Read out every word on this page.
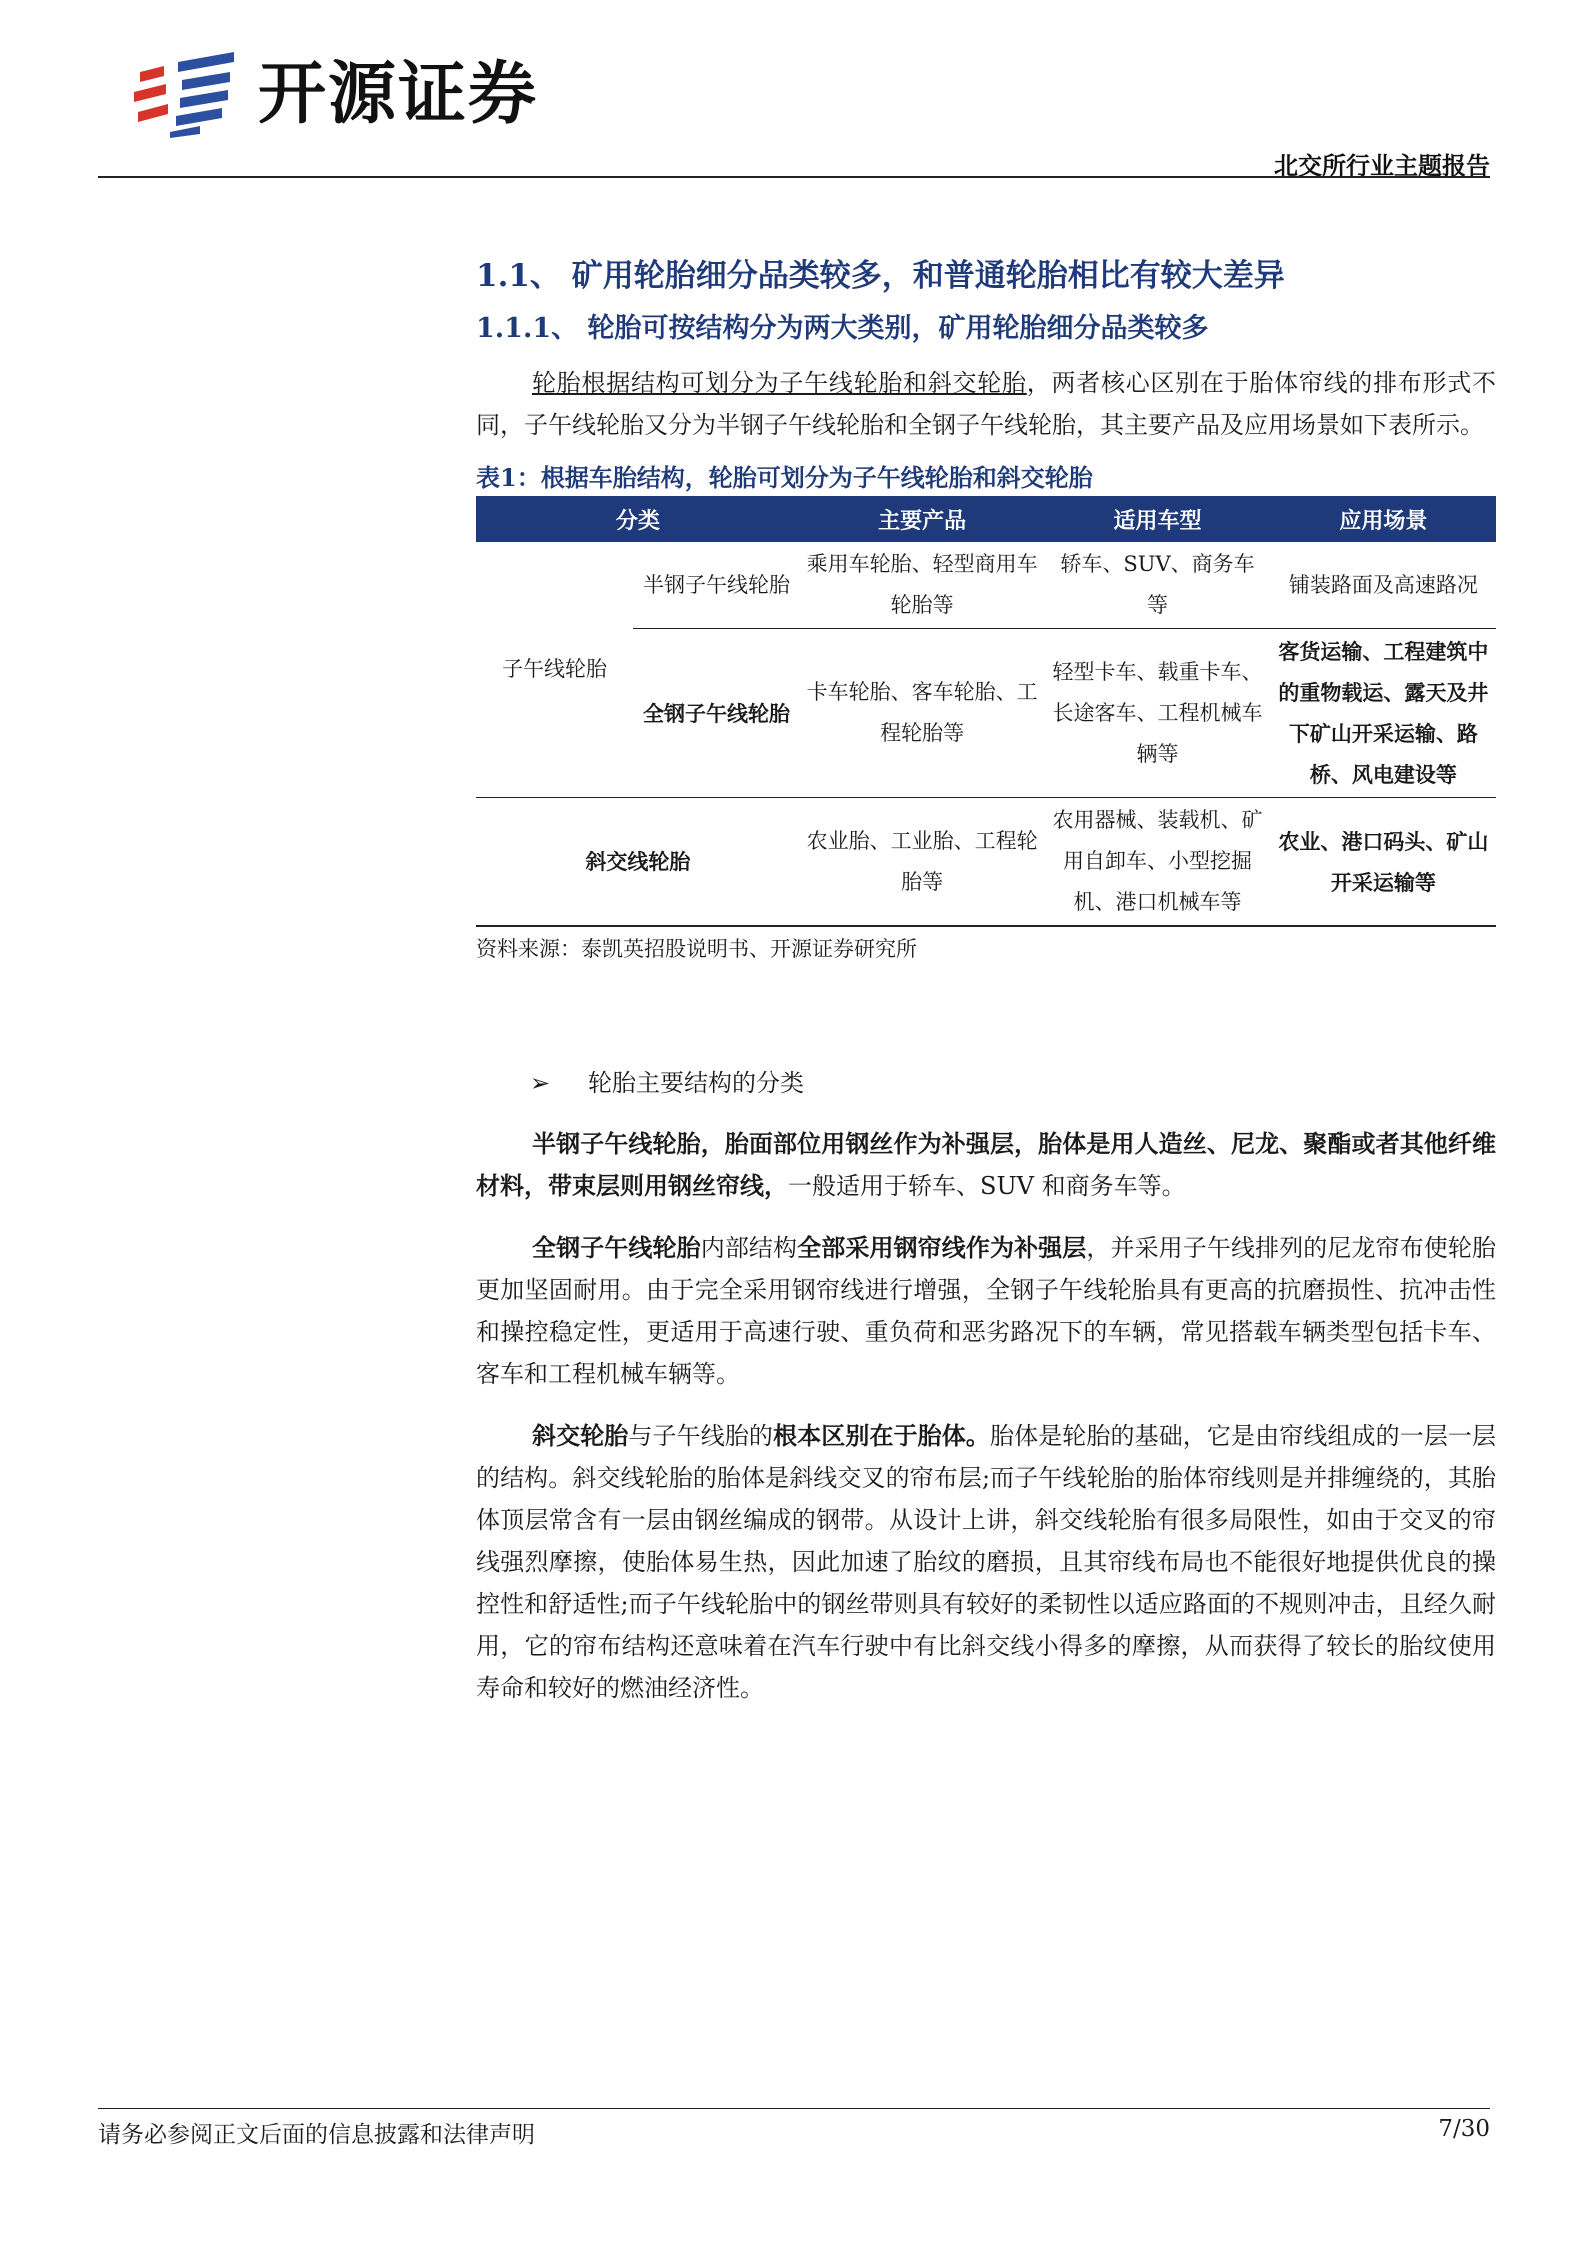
开源证券
北交所行业主题报告
1.1、 矿用轮胎细分品类较多，和普通轮胎相比有较大差异
1.1.1、 轮胎可按结构分为两大类别，矿用轮胎细分品类较多

轮胎根据结构可划分为子午线轮胎和斜交轮胎，两者核心区别在于胎体帘线的排布形式不同，子午线轮胎又分为半钢子午线轮胎和全钢子午线轮胎，其主要产品及应用场景如下表所示。

表1：根据车胎结构，轮胎可划分为子午线轮胎和斜交轮胎
分类		主要产品	适用车型	应用场景
子午线轮胎	半钢子午线轮胎	乘用车轮胎、轻型商用车轮胎等	轿车、SUV、商务车等	铺装路面及高速路况
	全钢子午线轮胎	卡车轮胎、客车轮胎、工程轮胎等	轻型卡车、载重卡车、长途客车、工程机械车辆等	客货运输、工程建筑中的重物载运、露天及井下矿山开采运输、路桥、风电建设等
斜交线轮胎		农业胎、工业胎、工程轮胎等	农用器械、装载机、矿用自卸车、小型挖掘机、港口机械车等	农业、港口码头、矿山开采运输等
资料来源：泰凯英招股说明书、开源证券研究所
➢ 轮胎主要结构的分类

半钢子午线轮胎，胎面部位用钢丝作为补强层，胎体是用人造丝、尼龙、聚酯或者其他纤维材料，带束层则用钢丝帘线，一般适用于轿车、SUV 和商务车等。

全钢子午线轮胎内部结构全部采用钢帘线作为补强层，并采用子午线排列的尼龙帘布使轮胎更加坚固耐用。由于完全采用钢帘线进行增强，全钢子午线轮胎具有更高的抗磨损性、抗冲击性和操控稳定性，更适用于高速行驶、重负荷和恶劣路况下的车辆，常见搭载车辆类型包括卡车、客车和工程机械车辆等。

斜交轮胎与子午线胎的根本区别在于胎体。胎体是轮胎的基础，它是由帘线组成的一层一层的结构。斜交线轮胎的胎体是斜线交叉的帘布层;而子午线轮胎的胎体帘线则是并排缠绕的，其胎体顶层常含有一层由钢丝编成的钢带。从设计上讲，斜交线轮胎有很多局限性，如由于交叉的帘线强烈摩擦，使胎体易生热，因此加速了胎纹的磨损，且其帘线布局也不能很好地提供优良的操控性和舒适性;而子午线轮胎中的钢丝带则具有较好的柔韧性以适应路面的不规则冲击，且经久耐用，它的帘布结构还意味着在汽车行驶中有比斜交线小得多的摩擦，从而获得了较长的胎纹使用寿命和较好的燃油经济性。

请务必参阅正文后面的信息披露和法律声明	7/30
